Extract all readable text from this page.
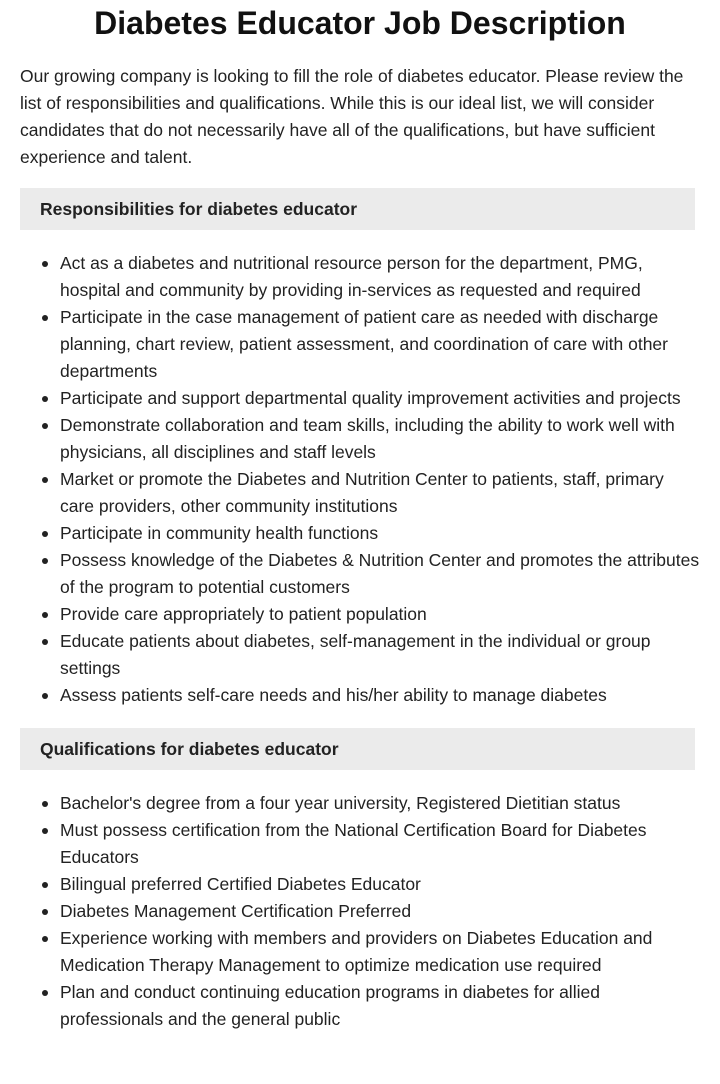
Diabetes Educator Job Description

Our growing company is looking to fill the role of diabetes educator. Please review the list of responsibilities and qualifications. While this is our ideal list, we will consider candidates that do not necessarily have all of the qualifications, but have sufficient experience and talent.

Responsibilities for diabetes educator
Act as a diabetes and nutritional resource person for the department, PMG, hospital and community by providing in-services as requested and required
Participate in the case management of patient care as needed with discharge planning, chart review, patient assessment, and coordination of care with other departments
Participate and support departmental quality improvement activities and projects
Demonstrate collaboration and team skills, including the ability to work well with physicians, all disciplines and staff levels
Market or promote the Diabetes and Nutrition Center to patients, staff, primary care providers, other community institutions
Participate in community health functions
Possess knowledge of the Diabetes & Nutrition Center and promotes the attributes of the program to potential customers
Provide care appropriately to patient population
Educate patients about diabetes, self-management in the individual or group settings
Assess patients self-care needs and his/her ability to manage diabetes
Qualifications for diabetes educator
Bachelor's degree from a four year university, Registered Dietitian status
Must possess certification from the National Certification Board for Diabetes Educators
Bilingual preferred Certified Diabetes Educator
Diabetes Management Certification Preferred
Experience working with members and providers on Diabetes Education and Medication Therapy Management to optimize medication use required
Plan and conduct continuing education programs in diabetes for allied professionals and the general public
